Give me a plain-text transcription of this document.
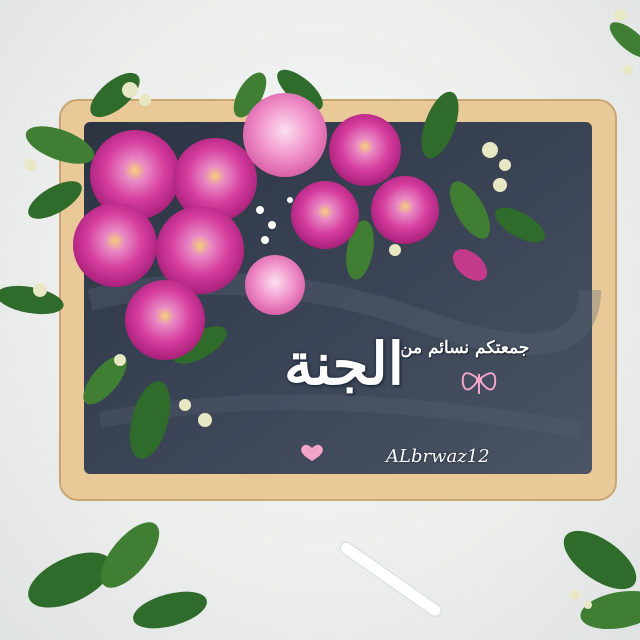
جمعتكم نسائم من
الجنة
ALbrwaz12
